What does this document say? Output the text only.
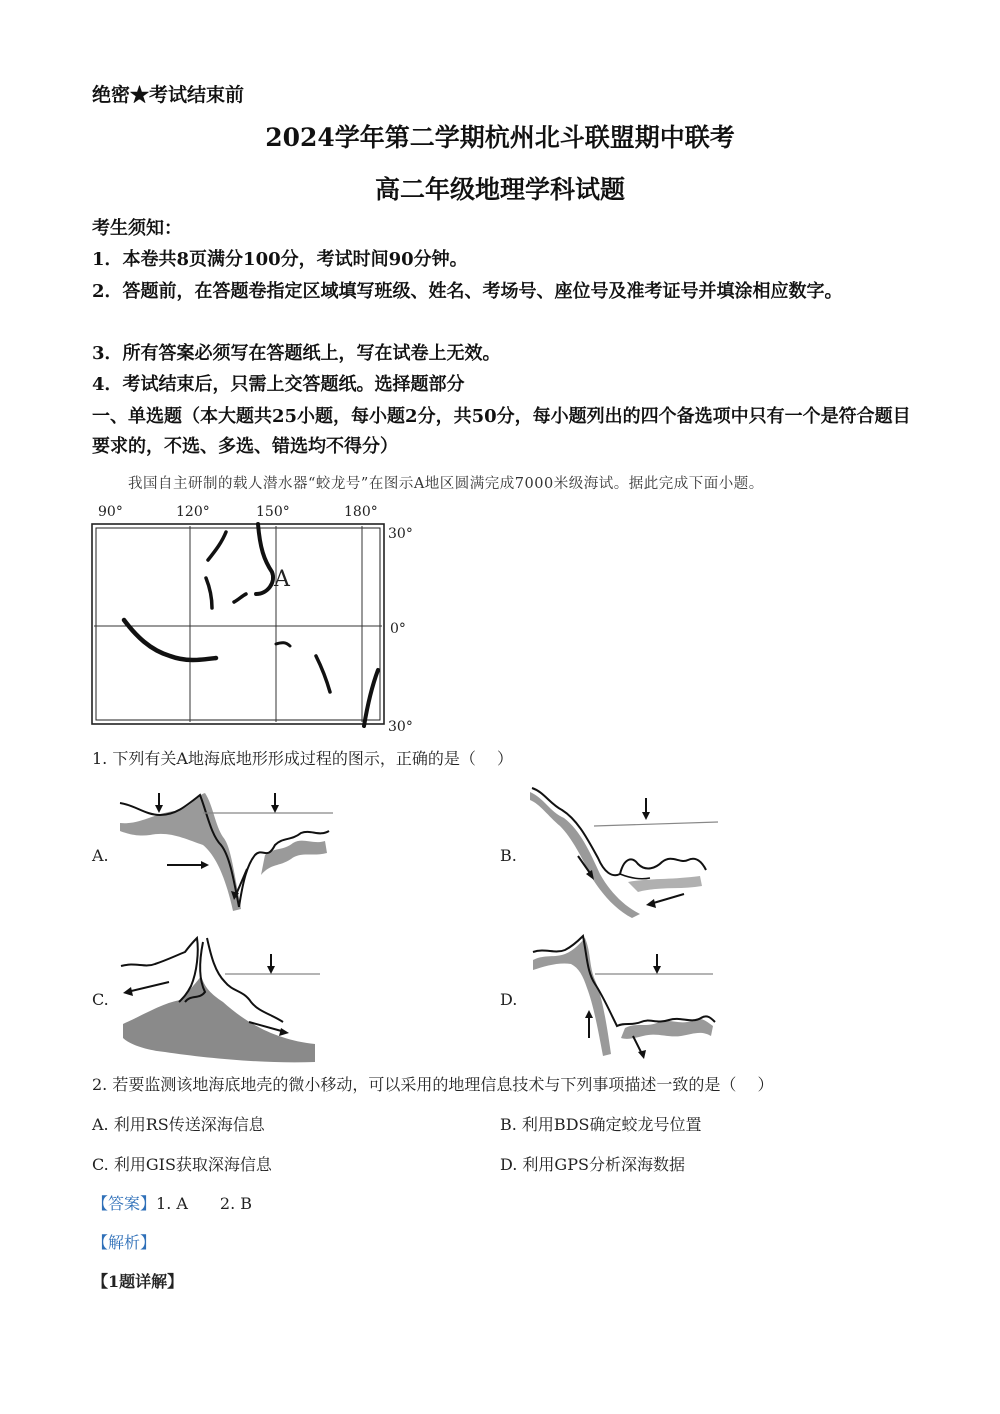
绝密★考试结束前
2024学年第二学期杭州北斗联盟期中联考
高二年级地理学科试题
考生须知：
1．本卷共8页满分100分，考试时间90分钟。
2．答题前，在答题卷指定区域填写班级、姓名、考场号、座位号及准考证号并填涂相应数字。
3．所有答案必须写在答题纸上，写在试卷上无效。
4．考试结束后，只需上交答题纸。选择题部分
一、单选题（本大题共25小题，每小题2分，共50分，每小题列出的四个备选项中只有一个是符合题目要求的，不选、多选、错选均不得分）
我国自主研制的载人潜水器“蛟龙号”在图示A地区圆满完成7000米级海试。据此完成下面小题。
90°	120°	150°	180°
30°
0°
30°
A
1. 下列有关A地海底地形形成过程的图示，正确的是（　 ）
A.	B.
C.	D.
2. 若要监测该地海底地壳的微小移动，可以采用的地理信息技术与下列事项描述一致的是（　 ）
A. 利用RS传送深海信息	B. 利用BDS确定蛟龙号位置
C. 利用GIS获取深海信息	D. 利用GPS分析深海数据
【答案】1. A　　2. B
【解析】
【1题详解】
